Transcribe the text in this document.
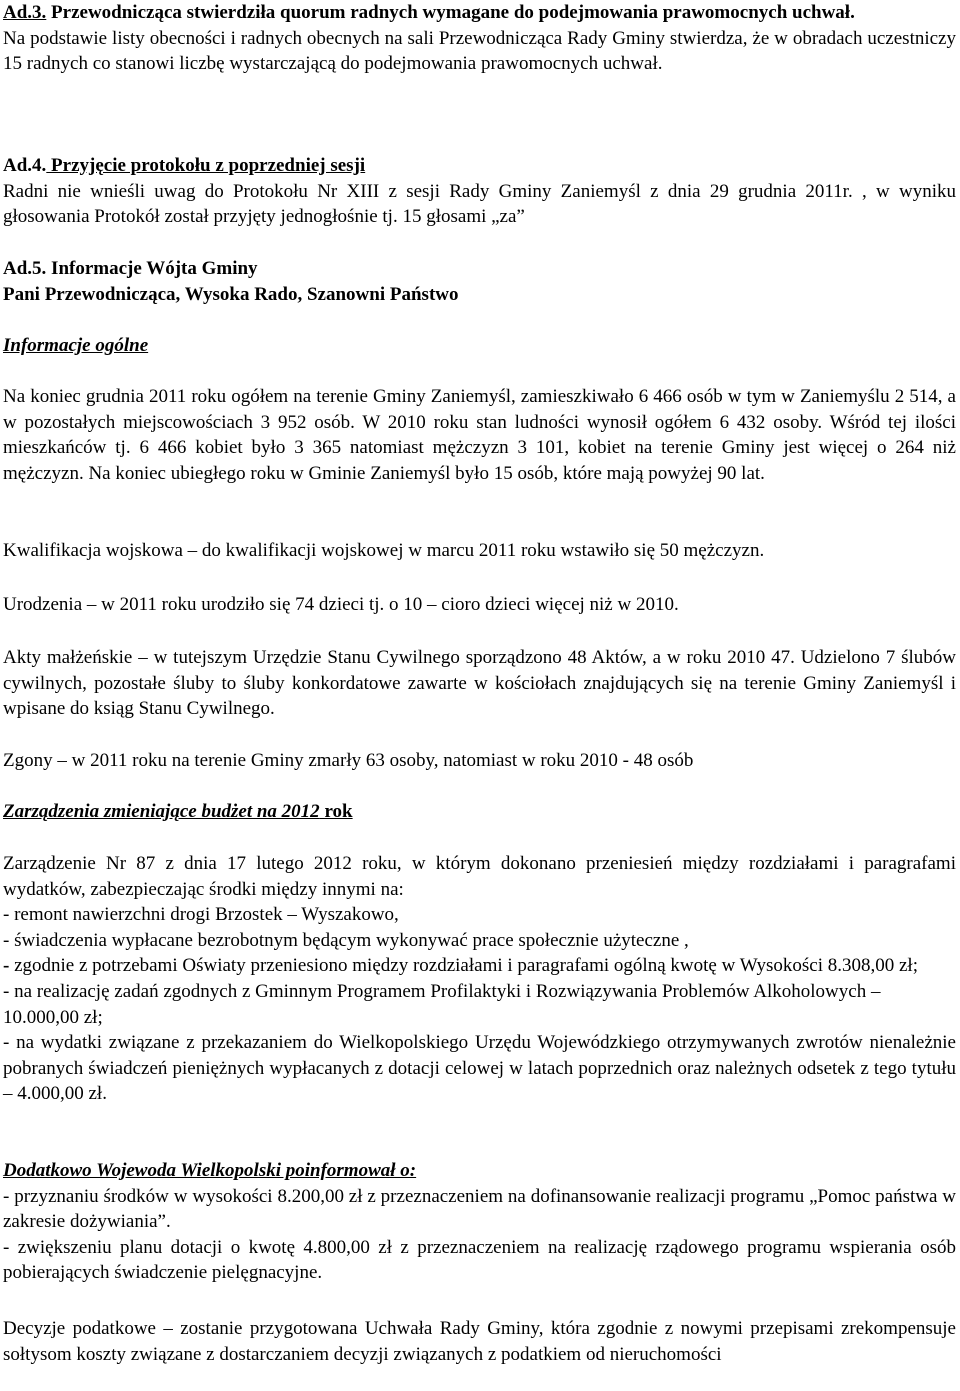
Ad.3. Przewodnicząca stwierdziła quorum radnych wymagane do podejmowania prawomocnych uchwał.

Na podstawie listy obecności i radnych obecnych na sali Przewodnicząca Rady Gminy stwierdza, że w obradach uczestniczy 15 radnych co stanowi liczbę wystarczającą do podejmowania prawomocnych uchwał.

Ad.4. Przyjęcie protokołu z poprzedniej sesji

Radni nie wnieśli uwag do Protokołu Nr XIII z sesji Rady Gminy Zaniemyśl z dnia 29 grudnia 2011r. , w wyniku głosowania Protokół został przyjęty jednogłośnie tj. 15 głosami „za”

Ad.5. Informacje Wójta Gminy

Pani Przewodnicząca, Wysoka Rado, Szanowni Państwo

Informacje ogólne

Na koniec grudnia 2011 roku ogółem na terenie Gminy Zaniemyśl, zamieszkiwało 6 466 osób w tym w Zaniemyślu 2 514, a w pozostałych miejscowościach 3 952 osób. W 2010 roku stan ludności wynosił ogółem 6 432 osoby. Wśród tej ilości mieszkańców tj. 6 466 kobiet było 3 365 natomiast mężczyzn 3 101, kobiet na terenie Gminy jest więcej o 264 niż mężczyzn. Na koniec ubiegłego roku w Gminie Zaniemyśl było 15 osób, które mają powyżej 90 lat.

Kwalifikacja wojskowa – do kwalifikacji wojskowej w marcu 2011 roku wstawiło się 50 mężczyzn.

Urodzenia – w 2011 roku urodziło się 74 dzieci tj. o 10 – cioro dzieci więcej niż w 2010.

Akty małżeńskie – w tutejszym Urzędzie Stanu Cywilnego sporządzono 48 Aktów, a w roku 2010 47. Udzielono 7 ślubów cywilnych, pozostałe śluby to śluby konkordatowe zawarte w kościołach znajdujących się na terenie Gminy Zaniemyśl i wpisane do ksiąg Stanu Cywilnego.

Zgony – w 2011 roku na terenie Gminy zmarły 63 osoby, natomiast w roku 2010 - 48 osób

Zarządzenia zmieniające budżet na 2012 rok

Zarządzenie Nr 87 z dnia 17 lutego 2012 roku, w którym dokonano przeniesień między rozdziałami i paragrafami wydatków, zabezpieczając środki między innymi na:

- remont nawierzchni drogi Brzostek – Wyszakowo,

- świadczenia wypłacane bezrobotnym będącym wykonywać prace społecznie użyteczne ,

- zgodnie z potrzebami Oświaty przeniesiono między rozdziałami i paragrafami ogólną kwotę w Wysokości 8.308,00 zł;

- na realizację zadań zgodnych z Gminnym Programem Profilaktyki i Rozwiązywania Problemów Alkoholowych – 10.000,00 zł;

- na wydatki związane z przekazaniem do Wielkopolskiego Urzędu Wojewódzkiego otrzymywanych zwrotów nienależnie pobranych świadczeń pieniężnych wypłacanych z dotacji celowej w latach poprzednich oraz należnych odsetek z tego tytułu – 4.000,00 zł.

Dodatkowo Wojewoda Wielkopolski poinformował o:

- przyznaniu środków w wysokości 8.200,00 zł z przeznaczeniem na dofinansowanie realizacji programu „Pomoc państwa w zakresie dożywiania”.

- zwiększeniu planu dotacji o kwotę 4.800,00 zł z przeznaczeniem na realizację rządowego programu wspierania osób pobierających świadczenie pielęgnacyjne.

Decyzje podatkowe – zostanie przygotowana Uchwała Rady Gminy, która zgodnie z nowymi przepisami zrekompensuje sołtysom koszty związane z dostarczaniem decyzji związanych z podatkiem od nieruchomości
